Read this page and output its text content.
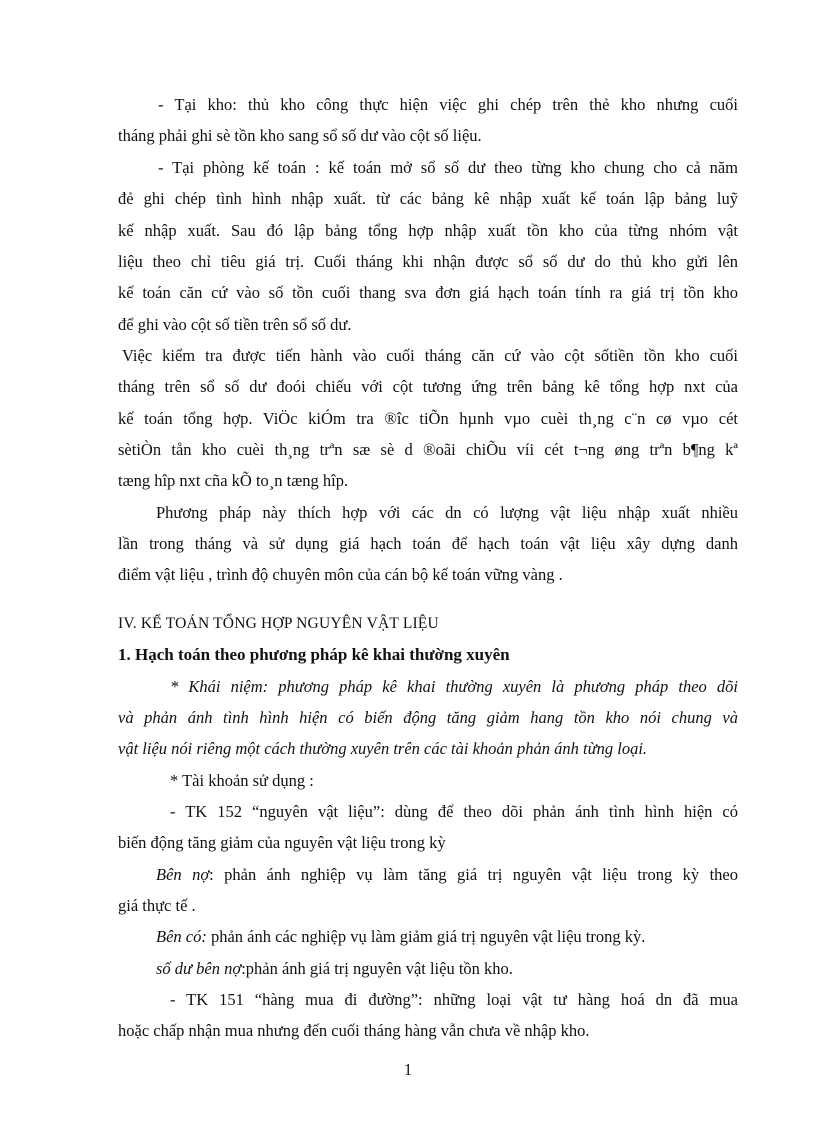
- Tại kho: thủ kho công thực hiện việc ghi chép trên thẻ kho nhưng cuối
tháng phải ghi sè tồn kho sang sổ số dư vào cột số liệu.
- Tại phòng kế toán : kế toán mở sổ số dư theo từng kho chung cho cả năm
đẻ ghi chép tình hình nhập xuất. từ các bảng kê nhập xuất kế toán lập bảng luỹ
kế nhập xuất. Sau đó lập bảng tổng hợp nhập xuất tồn kho của từng nhóm vật
liệu theo chỉ tiêu giá trị. Cuối tháng khi nhận được sổ số dư do thủ kho gửi lên
kế toán căn cứ vào số tồn cuối thang sva đơn giá hạch toán tính ra giá trị tồn kho
để ghi vào cột số tiền trên sổ số dư.
Việc kiểm tra được tiến hành vào cuối tháng căn cứ vào cột sốtiền tồn kho cuối
tháng trên sổ số dư đoói chiếu với cột tương ứng trên bảng kê tổng hợp nxt của
kế toán tổng hợp. ViÖc kiÓm tra ®îc tiÕn hµnh vµo cuèi th¸ng c¨n cø vµo cét
sètiÒn tån kho cuèi th¸ng trªn sæ sè d ®oãi chiÕu víi cét t¬ng øng trªn b¶ng kª
tæng hîp nxt cña kÕ to¸n tæng hîp.
Phương pháp này thích hợp với các dn có lượng vật liệu nhập xuất nhiều
lần trong tháng và sử dụng giá hạch toán để hạch toán vật liệu xây dựng danh
điểm vật liệu , trình độ chuyên môn của cán bộ kế toán vững vàng .
IV. KẾ TOÁN TỔNG HỢP NGUYÊN VẬT LIỆU
1. Hạch toán theo phương pháp kê khai thường xuyên
* Khái niệm: phương pháp kê khai thường xuyên là phương pháp theo dõi
và phản ánh tình hình hiện có biến động tăng giảm hang tồn kho nói chung và
vật liệu nói riêng một cách thường xuyên trên các tài khoản phản ánh từng loại.
* Tài khoản sử dụng :
- TK 152 “nguyên vật liệu”: dùng để theo dõi phản ánh tình hình hiện có
biến động tăng giảm của nguyên vật liệu trong kỳ
Bên nợ: phản ánh nghiệp vụ làm tăng giá trị nguyên vật liệu trong kỳ theo
giá thực tế .
Bên có: phản ánh các nghiệp vụ làm giảm giá trị nguyên vật liệu trong kỳ.
số dư bên nợ:phản ánh giá trị nguyên vật liệu tồn kho.
- TK 151 “hàng mua đi đường”: những loại vật tư hàng hoá dn đã mua
hoặc chấp nhận mua nhưng đến cuối tháng hàng vẫn chưa về nhập kho.
1
